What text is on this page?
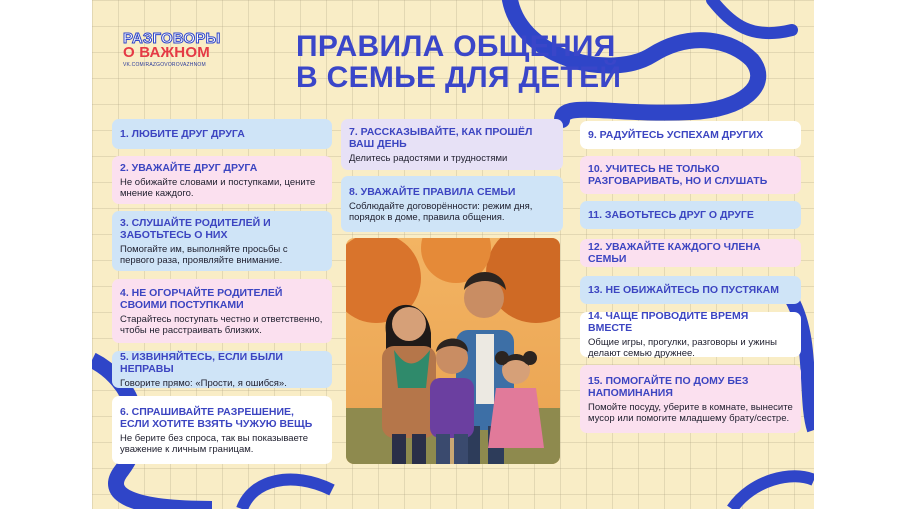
РАЗГОВОРЫ
О ВАЖНОМ
VK.COM/RAZGOVOROVAZHNOM
ПРАВИЛА ОБЩЕНИЯ
В СЕМЬЕ ДЛЯ ДЕТЕЙ
1. ЛЮБИТЕ ДРУГ ДРУГА
2. УВАЖАЙТЕ ДРУГ ДРУГА
Не обижайте словами и поступками, цените мнение каждого.
3. СЛУШАЙТЕ РОДИТЕЛЕЙ И ЗАБОТЬТЕСЬ О НИХ
Помогайте им, выполняйте просьбы с первого раза, проявляйте внимание.
4. НЕ ОГОРЧАЙТЕ РОДИТЕЛЕЙ СВОИМИ ПОСТУПКАМИ
Старайтесь поступать честно и ответственно, чтобы не расстраивать близких.
5. ИЗВИНЯЙТЕСЬ, ЕСЛИ БЫЛИ НЕПРАВЫ
Говорите прямо: «Прости, я ошибся».
6. СПРАШИВАЙТЕ РАЗРЕШЕНИЕ, ЕСЛИ ХОТИТЕ ВЗЯТЬ ЧУЖУЮ ВЕЩЬ
Не берите без спроса, так вы показываете уважение к личным границам.
7. РАССКАЗЫВАЙТЕ, КАК ПРОШЁЛ ВАШ ДЕНЬ
Делитесь радостями и трудностями
8. УВАЖАЙТЕ ПРАВИЛА СЕМЬИ
Соблюдайте договорённости: режим дня, порядок в доме, правила общения.
9. РАДУЙТЕСЬ УСПЕХАМ ДРУГИХ
10. УЧИТЕСЬ НЕ ТОЛЬКО РАЗГОВАРИВАТЬ, НО И СЛУШАТЬ
11. ЗАБОТЬТЕСЬ ДРУГ О ДРУГЕ
12. УВАЖАЙТЕ КАЖДОГО ЧЛЕНА СЕМЬИ
13. НЕ ОБИЖАЙТЕСЬ ПО ПУСТЯКАМ
14. ЧАЩЕ ПРОВОДИТЕ ВРЕМЯ ВМЕСТЕ
Общие игры, прогулки, разговоры и ужины делают семью дружнее.
15. ПОМОГАЙТЕ ПО ДОМУ БЕЗ НАПОМИНАНИЯ
Помойте посуду, уберите в комнате, вынесите мусор или помогите младшему брату/сестре.
